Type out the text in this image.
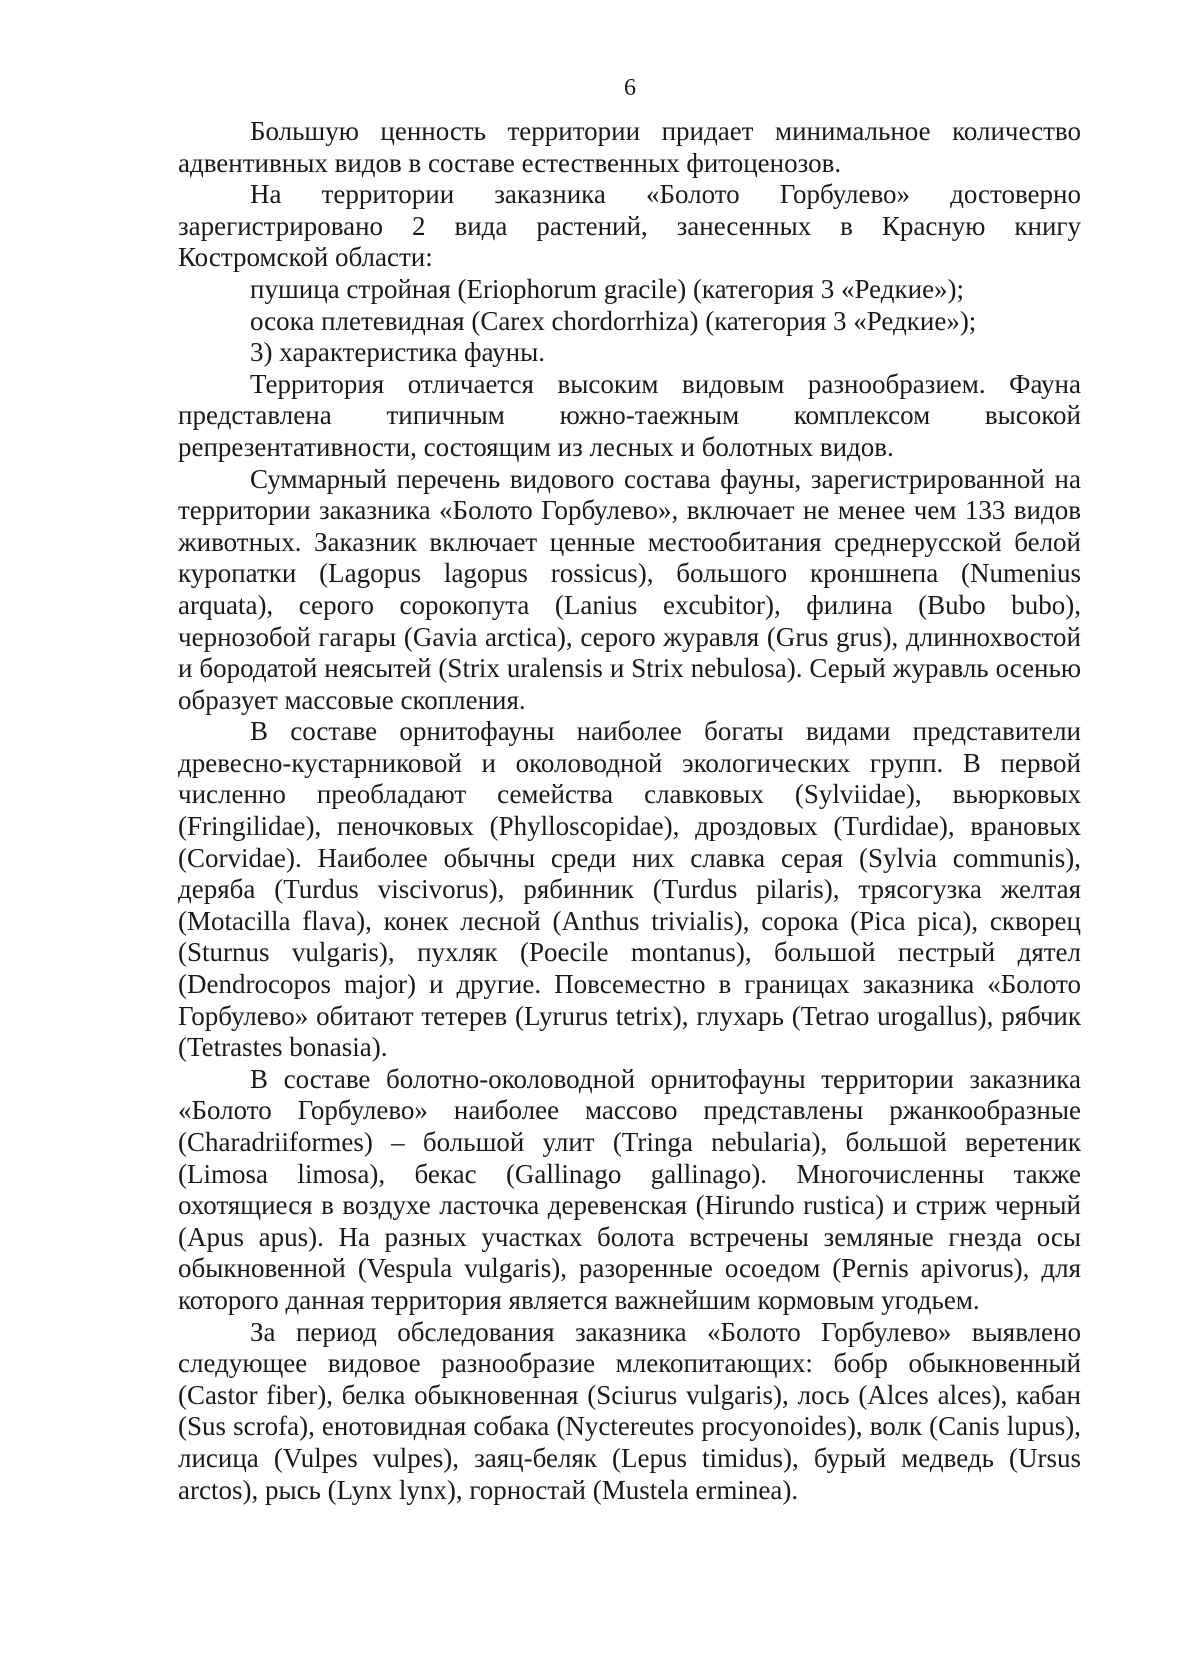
6

Большую ценность территории придает минимальное количество адвентивных видов в составе естественных фитоценозов.

На территории заказника «Болото Горбулево» достоверно зарегистрировано 2 вида растений, занесенных в Красную книгу Костромской области:

пушица стройная (Eriophorum gracile) (категория 3 «Редкие»);

осока плетевидная (Carex chordorrhiza) (категория 3 «Редкие»);

3) характеристика фауны.

Территория отличается высоким видовым разнообразием. Фауна представлена типичным южно-таежным комплексом высокой репрезентативности, состоящим из лесных и болотных видов.

Суммарный перечень видового состава фауны, зарегистрированной на территории заказника «Болото Горбулево», включает не менее чем 133 видов животных. Заказник включает ценные местообитания среднерусской белой куропатки (Lagopus lagopus rossicus), большого кроншнепа (Numenius arquata), серого сорокопута (Lanius excubitor), филина (Bubo bubo), чернозобой гагары (Gavia arctica), серого журавля (Grus grus), длиннохвостой и бородатой неясытей (Strix uralensis и Strix nebulosa). Серый журавль осенью образует массовые скопления.

В составе орнитофауны наиболее богаты видами представители древесно-кустарниковой и околоводной экологических групп. В первой численно преобладают семейства славковых (Sylviidae), вьюрковых (Fringilidae), пеночковых (Phylloscopidae), дроздовых (Turdidae), врановых (Corvidae). Наиболее обычны среди них славка серая (Sylvia communis), деряба (Turdus viscivorus), рябинник (Turdus pilaris), трясогузка желтая (Motacilla flava), конек лесной (Anthus trivialis), сорока (Pica pica), скворец (Sturnus vulgaris), пухляк (Poecile montanus), большой пестрый дятел (Dendrocopos major) и другие. Повсеместно в границах заказника «Болото Горбулево» обитают тетерев (Lyrurus tetrix), глухарь (Tetrao urogallus), рябчик (Tetrastes bonasia).

В составе болотно-околоводной орнитофауны территории заказника «Болото Горбулево» наиболее массово представлены ржанкообразные (Charadriiformes) – большой улит (Tringa nebularia), большой веретеник (Limosa limosa), бекас (Gallinago gallinago). Многочисленны также охотящиеся в воздухе ласточка деревенская (Hirundo rustica) и стриж черный (Apus apus). На разных участках болота встречены земляные гнезда осы обыкновенной (Vespula vulgaris), разоренные осоедом (Pernis apivorus), для которого данная территория является важнейшим кормовым угодьем.

За период обследования заказника «Болото Горбулево» выявлено следующее видовое разнообразие млекопитающих: бобр обыкновенный (Castor fiber), белка обыкновенная (Sciurus vulgaris), лось (Alces alces), кабан (Sus scrofa), енотовидная собака (Nyctereutes procyonoides), волк (Canis lupus), лисица (Vulpes vulpes), заяц-беляк (Lepus timidus), бурый медведь (Ursus arctos), рысь (Lynx lynx), горностай (Mustela erminea).
